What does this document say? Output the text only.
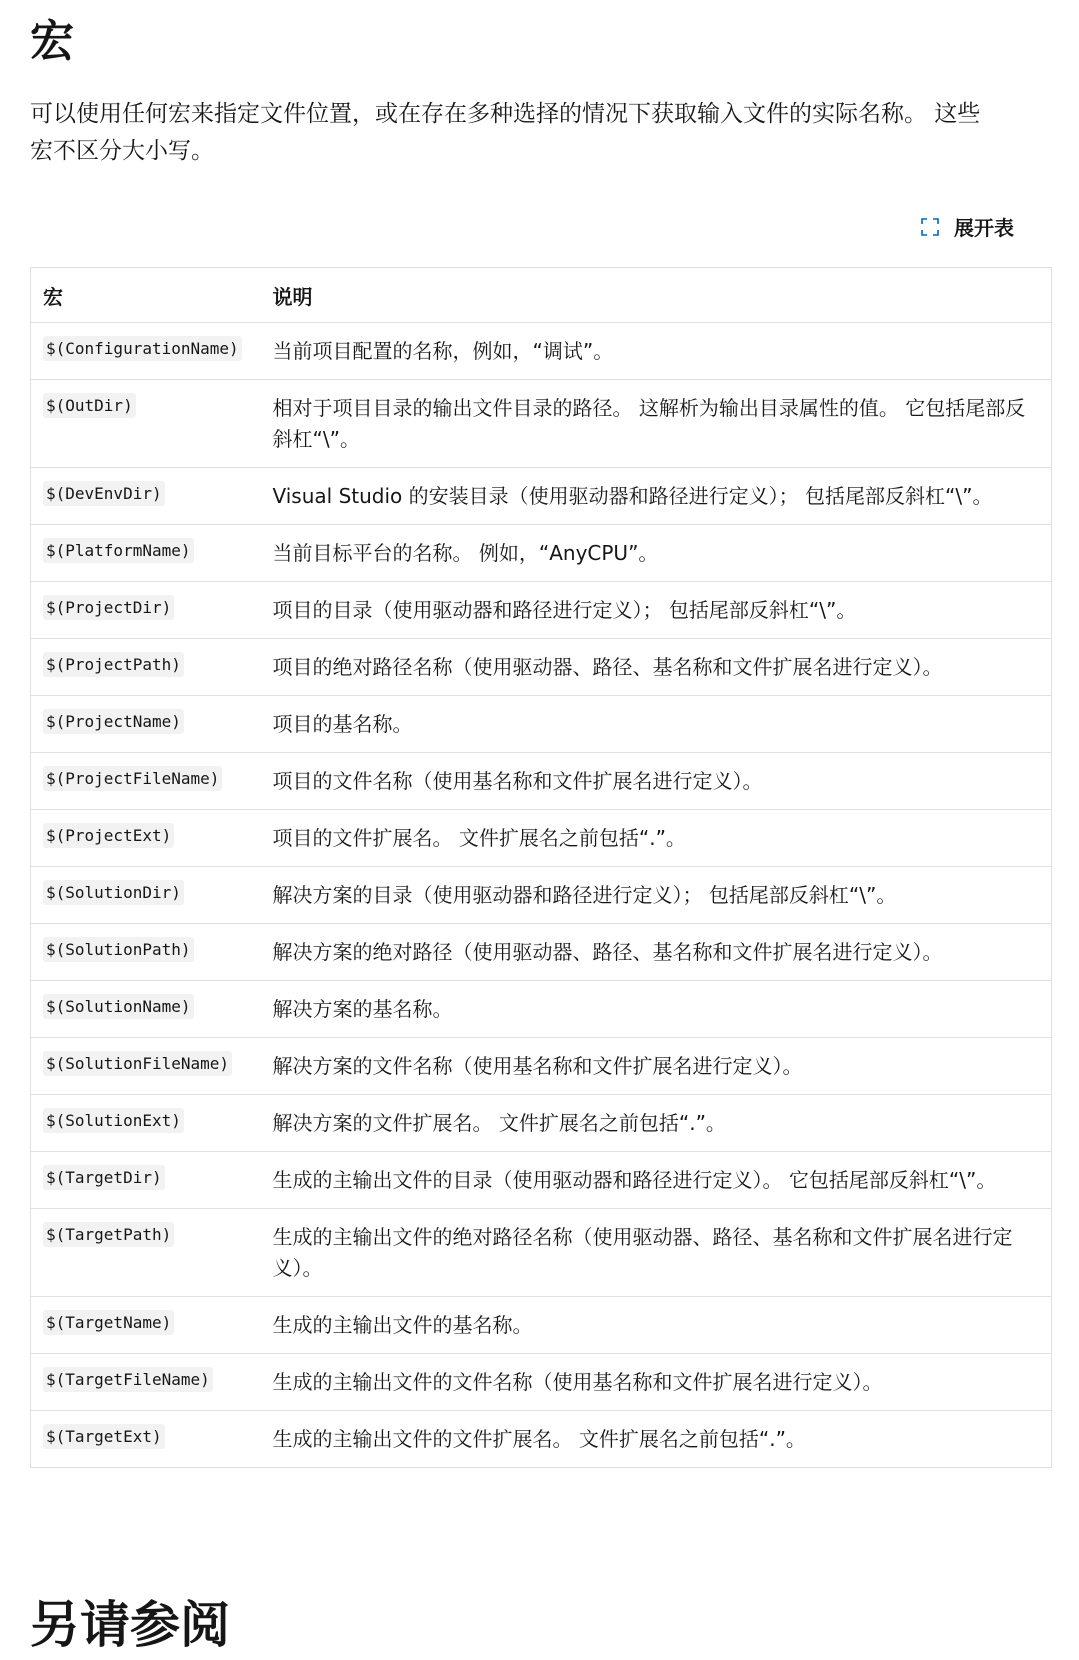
宏

可以使用任何宏来指定文件位置，或在存在多种选择的情况下获取输入文件的实际名称。 这些宏不区分大小写。

展开表
宏	说明
$(ConfigurationName)	当前项目配置的名称，例如，“调试”。
$(OutDir)	相对于项目目录的输出文件目录的路径。 这解析为输出目录属性的值。 它包括尾部反斜杠“\”。
$(DevEnvDir)	Visual Studio 的安装目录（使用驱动器和路径进行定义）； 包括尾部反斜杠“\”。
$(PlatformName)	当前目标平台的名称。 例如，“AnyCPU”。
$(ProjectDir)	项目的目录（使用驱动器和路径进行定义）； 包括尾部反斜杠“\”。
$(ProjectPath)	项目的绝对路径名称（使用驱动器、路径、基名称和文件扩展名进行定义）。
$(ProjectName)	项目的基名称。
$(ProjectFileName)	项目的文件名称（使用基名称和文件扩展名进行定义）。
$(ProjectExt)	项目的文件扩展名。 文件扩展名之前包括“.”。
$(SolutionDir)	解决方案的目录（使用驱动器和路径进行定义）； 包括尾部反斜杠“\”。
$(SolutionPath)	解决方案的绝对路径（使用驱动器、路径、基名称和文件扩展名进行定义）。
$(SolutionName)	解决方案的基名称。
$(SolutionFileName)	解决方案的文件名称（使用基名称和文件扩展名进行定义）。
$(SolutionExt)	解决方案的文件扩展名。 文件扩展名之前包括“.”。
$(TargetDir)	生成的主输出文件的目录（使用驱动器和路径进行定义）。 它包括尾部反斜杠“\”。
$(TargetPath)	生成的主输出文件的绝对路径名称（使用驱动器、路径、基名称和文件扩展名进行定义）。
$(TargetName)	生成的主输出文件的基名称。
$(TargetFileName)	生成的主输出文件的文件名称（使用基名称和文件扩展名进行定义）。
$(TargetExt)	生成的主输出文件的文件扩展名。 文件扩展名之前包括“.”。
另请参阅
